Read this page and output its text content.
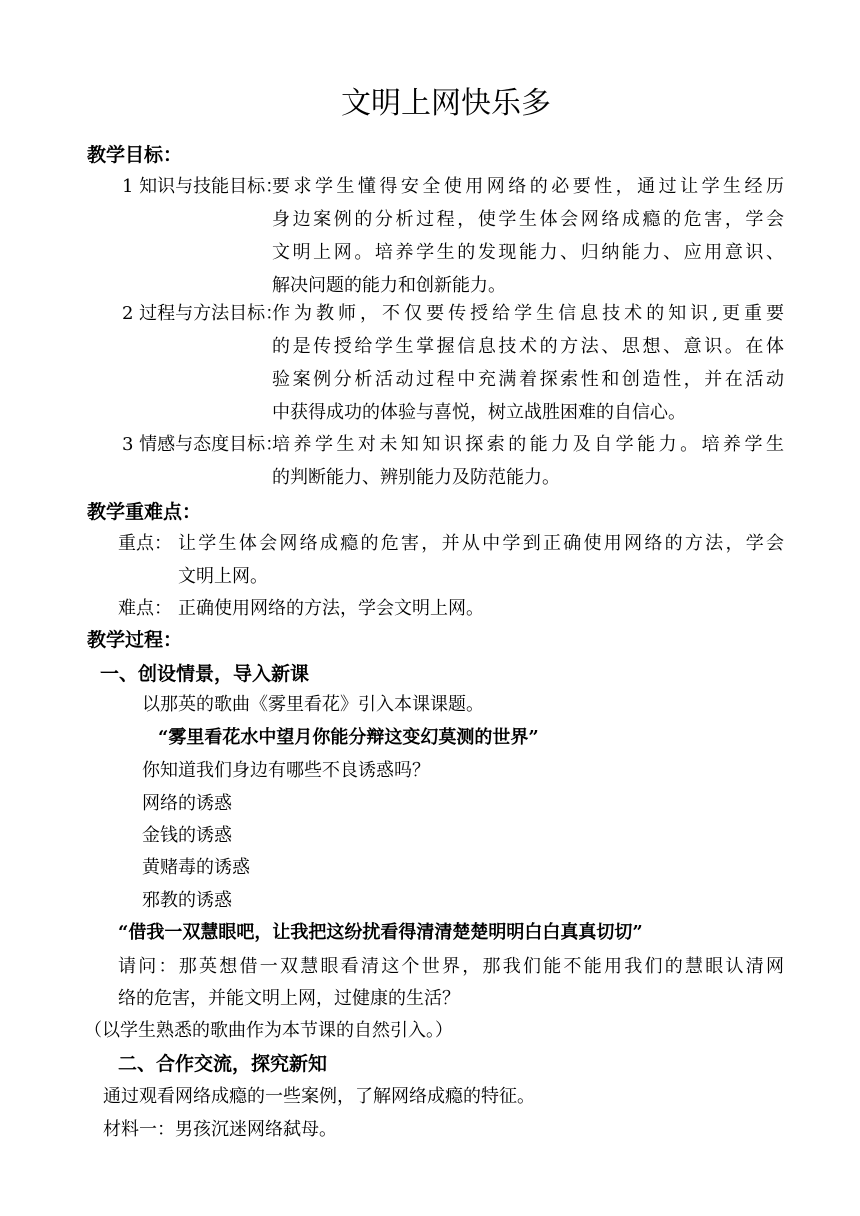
文明上网快乐多
教学目标：
1 知识与技能目标：
要求学生懂得安全使用网络的必要性，通过让学生经历
身边案例的分析过程，使学生体会网络成瘾的危害，学会
文明上网。培养学生的发现能力、归纳能力、应用意识、
解决问题的能力和创新能力。
2 过程与方法目标：
作为教师，不仅要传授给学生信息技术的知识,更重要
的是传授给学生掌握信息技术的方法、思想、意识。在体
验案例分析活动过程中充满着探索性和创造性，并在活动
中获得成功的体验与喜悦，树立战胜困难的自信心。
3 情感与态度目标：
培养学生对未知知识探索的能力及自学能力。培养学生
的判断能力、辨别能力及防范能力。
教学重难点：
重点： 让学生体会网络成瘾的危害，并从中学到正确使用网络的方法，学会
文明上网。
难点： 正确使用网络的方法，学会文明上网。
教学过程：
一、创设情景，导入新课
以那英的歌曲《雾里看花》引入本课课题。
“雾里看花水中望月你能分辩这变幻莫测的世界”
你知道我们身边有哪些不良诱惑吗？
网络的诱惑
金钱的诱惑
黄赌毒的诱惑
邪教的诱惑
“借我一双慧眼吧，让我把这纷扰看得清清楚楚明明白白真真切切”
请问：那英想借一双慧眼看清这个世界，那我们能不能用我们的慧眼认清网
络的危害，并能文明上网，过健康的生活？
（以学生熟悉的歌曲作为本节课的自然引入。）
二、合作交流，探究新知
通过观看网络成瘾的一些案例，了解网络成瘾的特征。
材料一：男孩沉迷网络弑母。
